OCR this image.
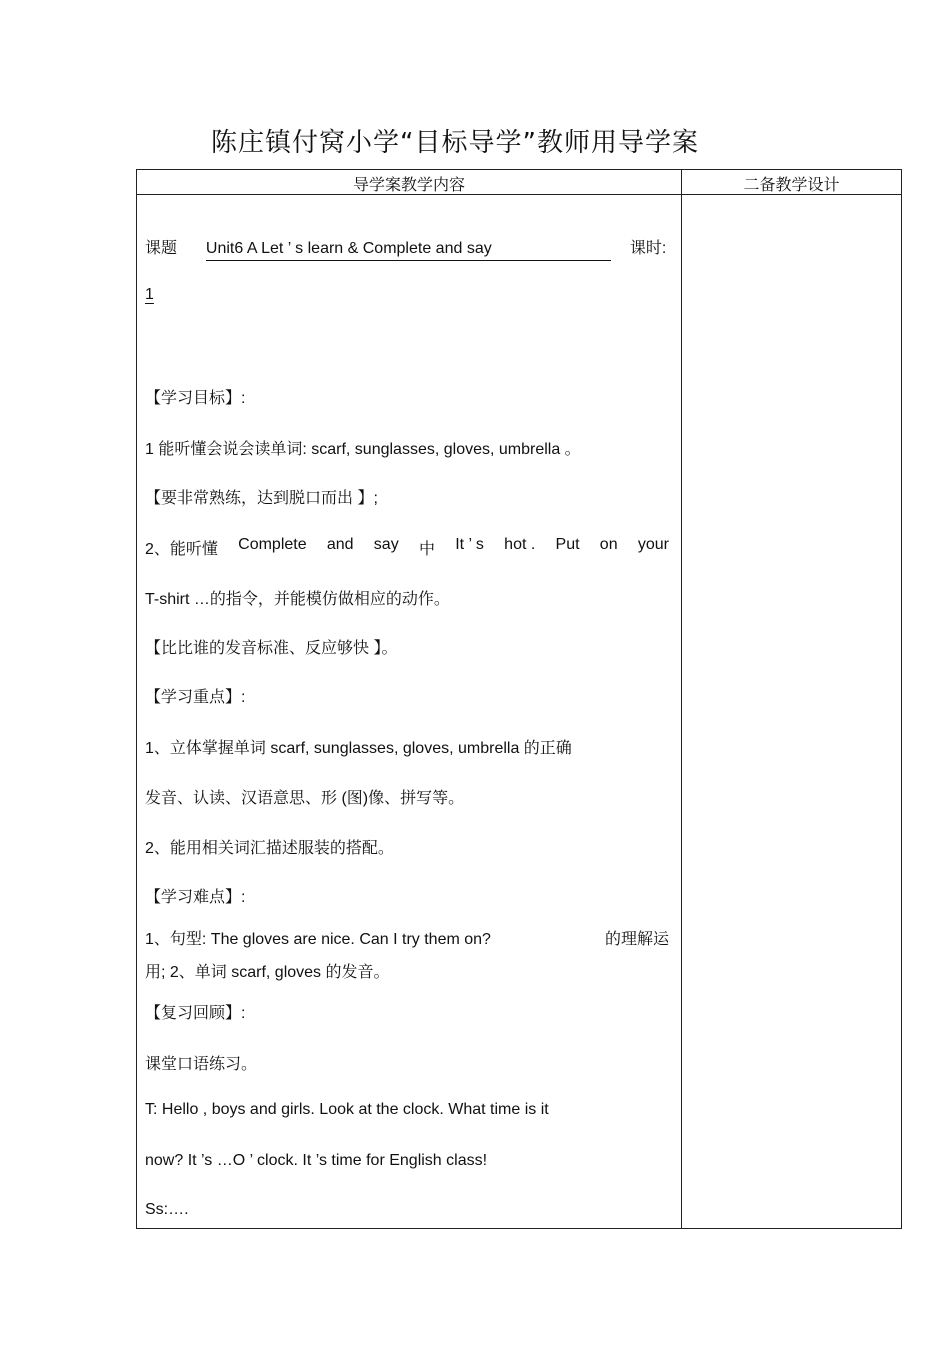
陈庄镇付窝小学“目标导学”教师用导学案
导学案教学内容	二备教学设计
课题 Unit6 A Let ’ s learn & Complete and say	课时:
1
【学习目标】:
1 能听懂会说会读单词: scarf, sunglasses, gloves, umbrella 。
【要非常熟练，达到脱口而出 】;
2、能听懂 Complete and say 中 It ’ s hot . Put on your
T-shirt …的指令，并能模仿做相应的动作。
【比比谁的发音标准、反应够快 】。
【学习重点】:
1、立体掌握单词 scarf, sunglasses, gloves, umbrella 的正确
发音、认读、汉语意思、形 (图)像、拼写等。
2、能用相关词汇描述服装的搭配。
【学习难点】:
1、句型: The gloves are nice. Can I try them on?	的理解运
用; 2、单词 scarf, gloves 的发音。
【复习回顾】:
课堂口语练习。
T: Hello , boys and girls. Look at the clock. What time is it
now? It ’s …O ’ clock. It ’s time for English class!
Ss:….
